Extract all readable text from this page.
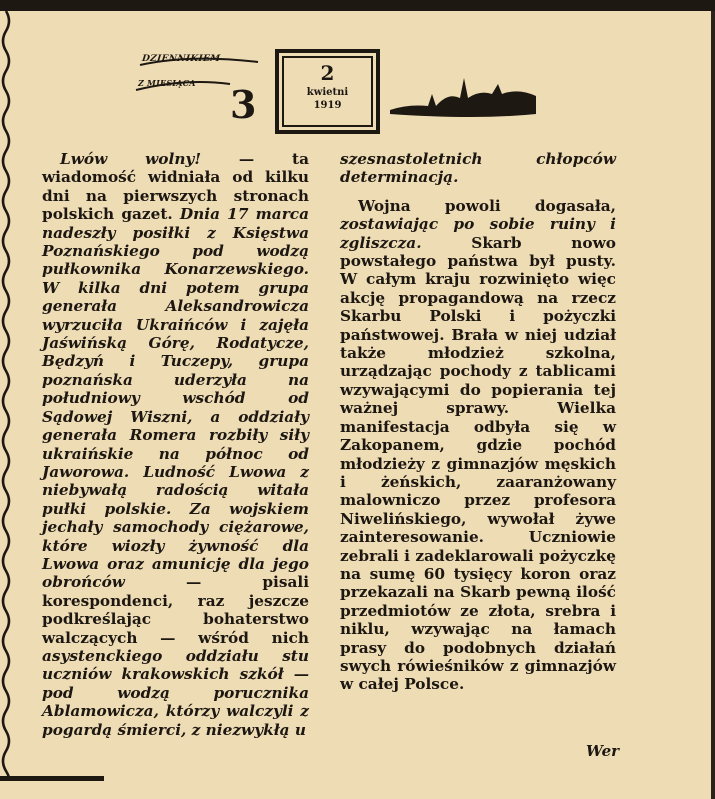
3
DZIENNIKIEM
Z MIESIĄCA	2
kwietni
1919

Lwów wolny! — ta wiadomość widniała od kilku dni na pierwszych stronach polskich gazet. Dnia 17 marca nadeszły posiłki z Księstwa Poznańskiego pod wodzą pułkownika Konarzewskiego. W kilka dni potem grupa generała Aleksandrowicza wyrzuciła Ukraińców i zajęła Jaświńską Górę, Rodatycze, Będzyń i Tuczepy, grupa poznańska uderzyła na południowy wschód od Sądowej Wiszni, a oddziały generała Romera rozbiły siły ukraińskie na północ od Jaworowa. Ludność Lwowa z niebywałą radością witała pułki polskie. Za wojskiem jechały samochody ciężarowe, które wiozły żywność dla Lwowa oraz amunicję dla jego obrońców	— pisali korespondenci, raz jeszcze podkreślając bohaterstwo walczących — wśród nich asystenckiego oddziału stu uczniów krakowskich szkół — pod wodzą porucznika Ablamowicza, którzy walczyli z pogardą śmierci, z niezwykłą u

szesnastoletnich chłopców determinacją.

Wojna powoli dogasała, zostawiając po sobie ruiny i zgliszcza.	Skarb nowo powstałego państwa był pusty. W całym kraju rozwinięto więc akcję propagandową na rzecz Skarbu Polski i pożyczki państwowej. Brała w niej udział także młodzież szkolna, urządzając pochody z tablicami wzywającymi do popierania tej ważnej sprawy. Wielka manifestacja odbyła się w Zakopanem, gdzie pochód młodzieży z gimnazjów męskich i żeńskich, zaaranżowany malowniczo przez profesora Niwelińskiego, wywołał żywe zainteresowanie. Uczniowie zebrali i zadeklarowali pożyczkę na sumę 60 tysięcy koron oraz przekazali na Skarb pewną ilość przedmiotów ze złota, srebra i niklu, wzywając na łamach prasy do podobnych działań swych rówieśników z gimnazjów w całej Polsce.

Wer
